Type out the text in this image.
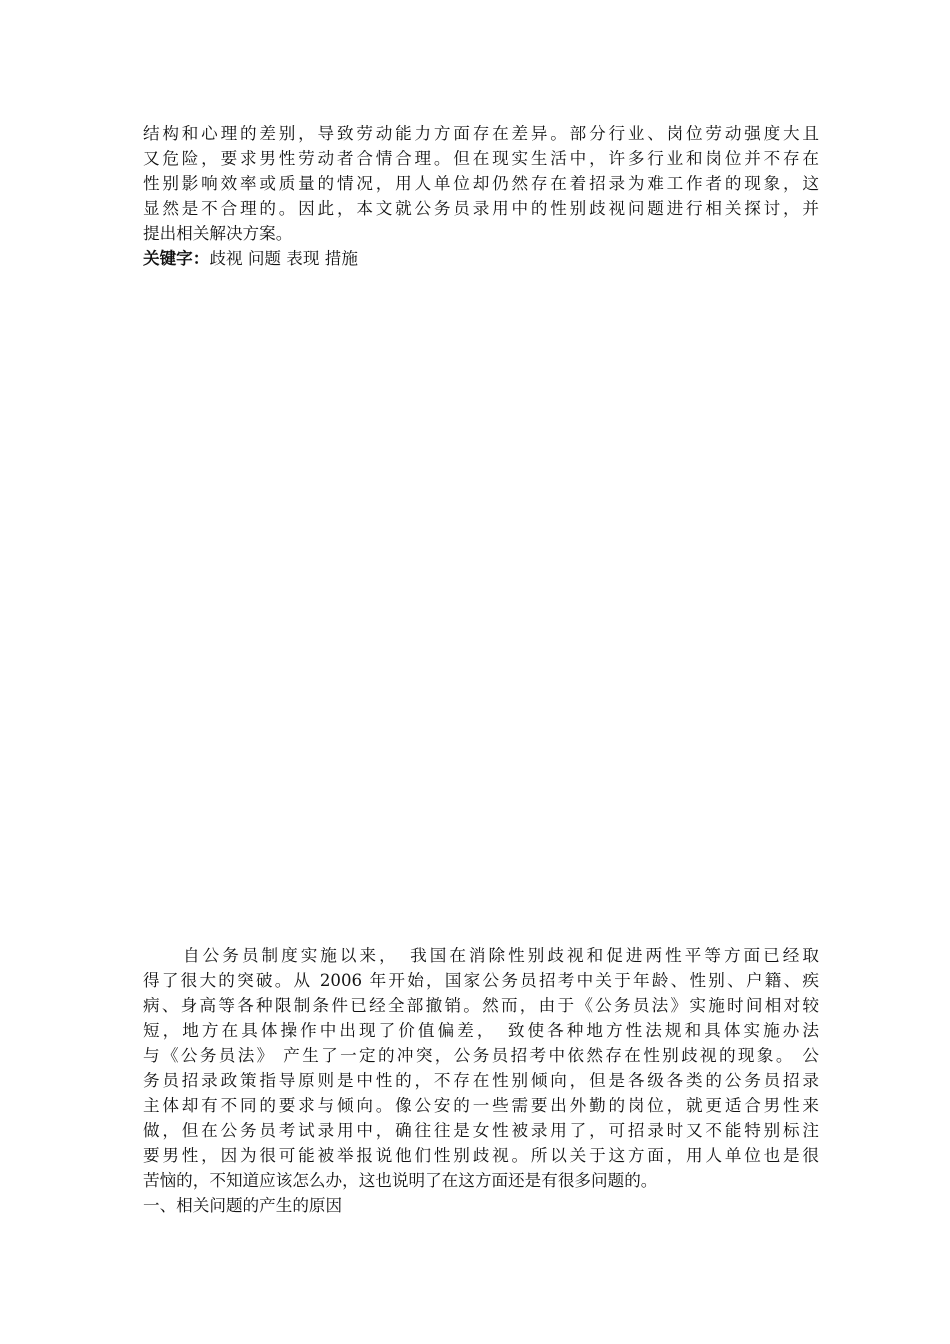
结构和心理的差别，导致劳动能力方面存在差异。部分行业、岗位劳动强度大且
又危险，要求男性劳动者合情合理。但在现实生活中，许多行业和岗位并不存在
性别影响效率或质量的情况，用人单位却仍然存在着招录为难工作者的现象，这
显然是不合理的。因此，本文就公务员录用中的性别歧视问题进行相关探讨，并
提出相关解决方案。
关键字：歧视 问题 表现 措施
自公务员制度实施以来，　我国在消除性别歧视和促进两性平等方面已经取
得了很大的突破。从 2006 年开始，国家公务员招考中关于年龄、性别、户籍、疾
病、身高等各种限制条件已经全部撤销。然而，由于《公务员法》实施时间相对较
短，地方在具体操作中出现了价值偏差，　致使各种地方性法规和具体实施办法
与《公务员法》 产生了一定的冲突，公务员招考中依然存在性别歧视的现象。 公
务员招录政策指导原则是中性的，不存在性别倾向，但是各级各类的公务员招录
主体却有不同的要求与倾向。像公安的一些需要出外勤的岗位，就更适合男性来
做，但在公务员考试录用中，确往往是女性被录用了，可招录时又不能特别标注
要男性，因为很可能被举报说他们性别歧视。所以关于这方面，用人单位也是很
苦恼的，不知道应该怎么办，这也说明了在这方面还是有很多问题的。
一、相关问题的产生的原因
